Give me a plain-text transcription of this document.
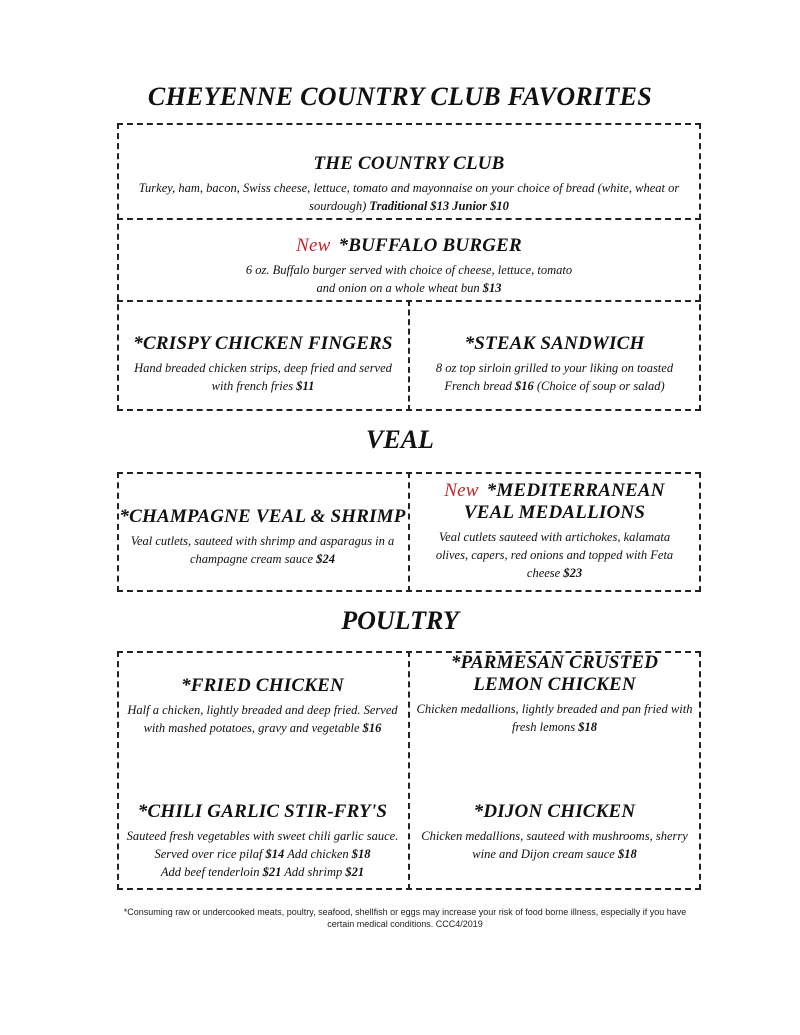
CHEYENNE COUNTRY CLUB FAVORITES
THE COUNTRY CLUB
Turkey, ham, bacon, Swiss cheese, lettuce, tomato and mayonnaise on your choice of bread (white, wheat or sourdough) Traditional $13 Junior $10
New *BUFFALO BURGER
6 oz. Buffalo burger served with choice of cheese, lettuce, tomato
and onion on a whole wheat bun $13
*CRISPY CHICKEN FINGERS
Hand breaded chicken strips, deep fried and served with french fries $11
*STEAK SANDWICH
8 oz top sirloin grilled to your liking on toasted French bread $16 (Choice of soup or salad)
VEAL
*CHAMPAGNE VEAL & SHRIMP
Veal cutlets, sauteed with shrimp and asparagus in a champagne cream sauce $24
New *MEDITERRANEAN VEAL MEDALLIONS
Veal cutlets sauteed with artichokes, kalamata olives, capers, red onions and topped with Feta cheese $23
POULTRY
*FRIED CHICKEN
Half a chicken, lightly breaded and deep fried. Served with mashed potatoes, gravy and vegetable $16
*PARMESAN CRUSTED
LEMON CHICKEN
Chicken medallions, lightly breaded and pan fried with fresh lemons $18
*CHILI GARLIC STIR-FRY'S
Sauteed fresh vegetables with sweet chili garlic sauce.
Served over rice pilaf $14 Add chicken $18
Add beef tenderloin $21 Add shrimp $21
*DIJON CHICKEN
Chicken medallions, sauteed with mushrooms, sherry wine and Dijon cream sauce $18
*Consuming raw or undercooked meats, poultry, seafood, shellfish or eggs may increase your risk of food borne illness, especially if you have certain medical conditions. CCC4/2019
